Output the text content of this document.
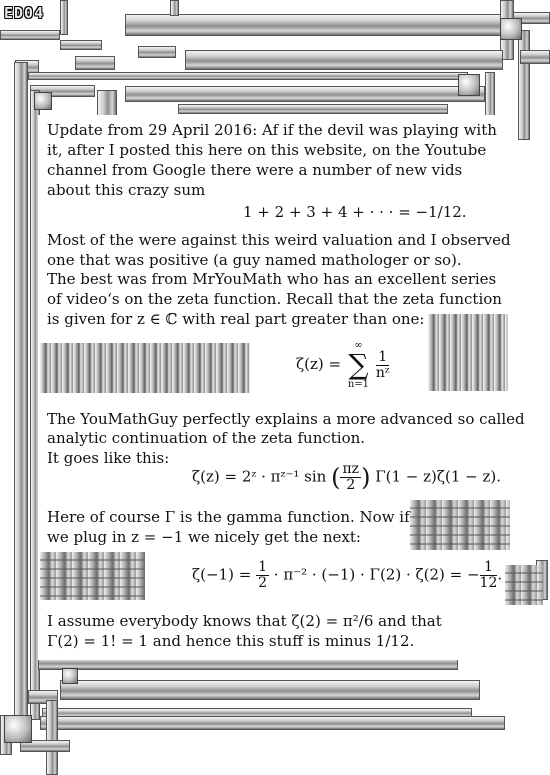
ED04

Update from 29 April 2016: Af if the devil was playing with

it, after I posted this here on this website, on the Youtube

channel from Google there were a number of new vids

about this crazy sum

1 + 2 + 3 + 4 + · · · = −1/12.

Most of the were against this weird valuation and I observed

one that was positive (a guy named mathologer or so).

The best was from MrYouMath who has an excellent series

of video‘s on the zeta function. Recall that the zeta function

is given for z ∈ ℂ with real part greater than one:

ζ(z) =
∞
∑
n=1

$\frac{1}{\text{nᶻ}}$

The YouMathGuy perfectly explains a more advanced so called

analytic continuation of the zeta function.

It goes like this:

ζ(z) = 2ᶻ · πᶻ⁻¹ sin ( $\frac{\pi z}{2}$ ) Γ(1 − z)ζ(1 − z).

Here of course Γ is the gamma function. Now if

we plug in z = −1 we nicely get the next:

$\zeta(-1) = \frac{1}{2} \cdot \pi^{-2} \cdot (-1) \cdot \Gamma(2) \cdot \zeta(2)$ = − $\frac{1}{12}$ .

I assume everybody knows that ζ(2) = π²/6 and that

Γ(2) = 1! = 1 and hence this stuff is minus 1/12.
